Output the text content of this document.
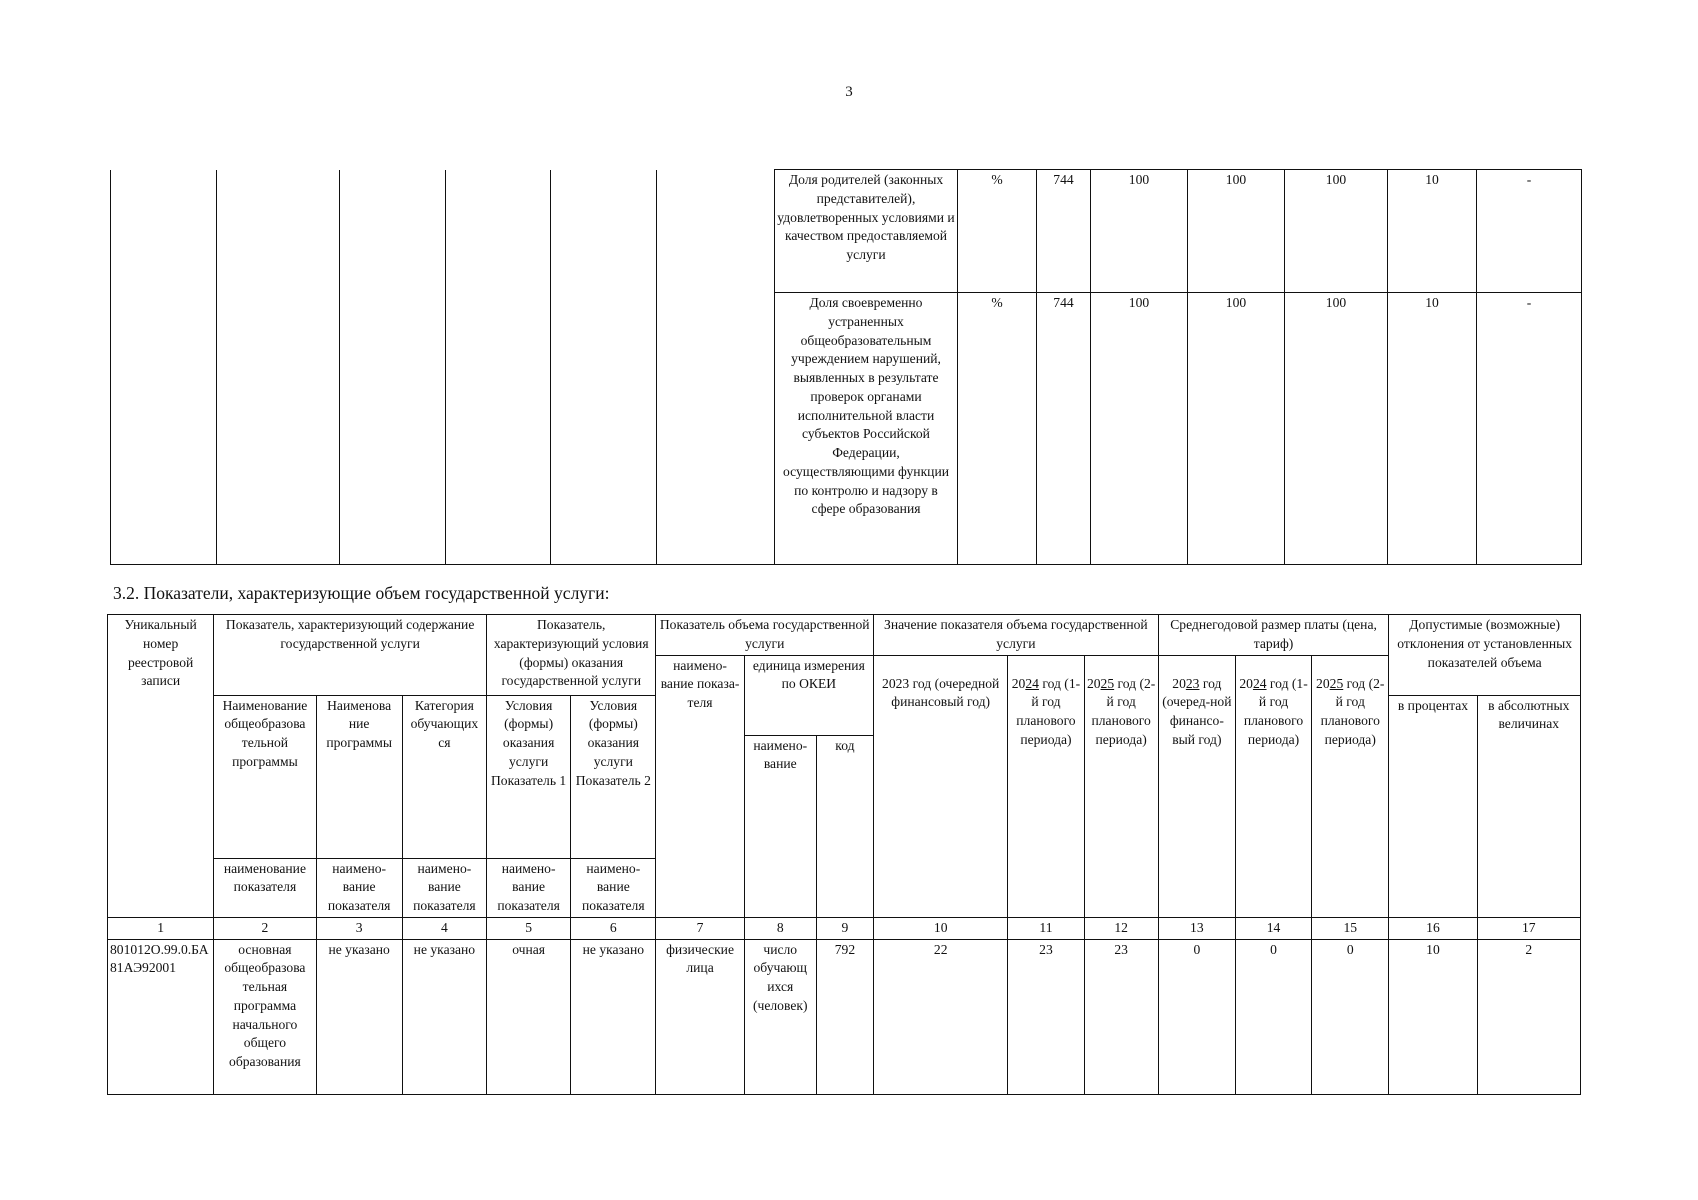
3
						Доля родителей (законных представителей), удовлетворенных условиями и качеством предоставляемой услуги	%	744	100	100	100	10	-
						Доля своевременно устраненных общеобразовательным учреждением нарушений, выявленных в результате проверок органами исполнительной власти субъектов Российской Федерации, осуществляющими функции по контролю и надзору в сфере образования	%	744	100	100	100	10	-
3.2. Показатели, характеризующие объем государственной услуги:
Уникальный номер реестровой записи	Показатель, характеризующий содержание государственной услуги			Показатель, характеризующий условия (формы) оказания государственной услуги		Показатель объема государственной услуги			Значение показателя объема государственной услуги			Среднегодовой размер платы (цена, тариф)			Допустимые (возможные) отклонения от установленных показателей объема	
						наимено-вание показа-теля	единица измерения по ОКЕИ		2023 год (очередной финансовый год)	2024 год (1-й год планового периода)	2025 год (2-й год планового периода)	2023 год (очеред-ной финансо-вый год)	2024 год (1-й год планового периода)	2025 год (2-й год планового периода)		

	Наименование общеобразова тельной программы	Наименова ние программы	Категория обучающих ся	Условия (формы) оказания услуги Показатель 1	Условия (формы) оказания услуги Показатель 2										в процентах	в абсолютных величинах
							наимено-вание	код								
	наименование показателя	наимено-вание показателя	наимено-вание показателя	наимено-вание показателя	наимено-вание показателя											
1	2	3	4	5	6	7	8	9	10	11	12	13	14	15	16	17
801012О.99.0.БА81АЭ92001	основная общеобразова тельная программа начального общего образования	не указано	не указано	очная	не указано	физические лица	число обучающ ихся (человек)	792	22	23	23	0	0	0	10	2
